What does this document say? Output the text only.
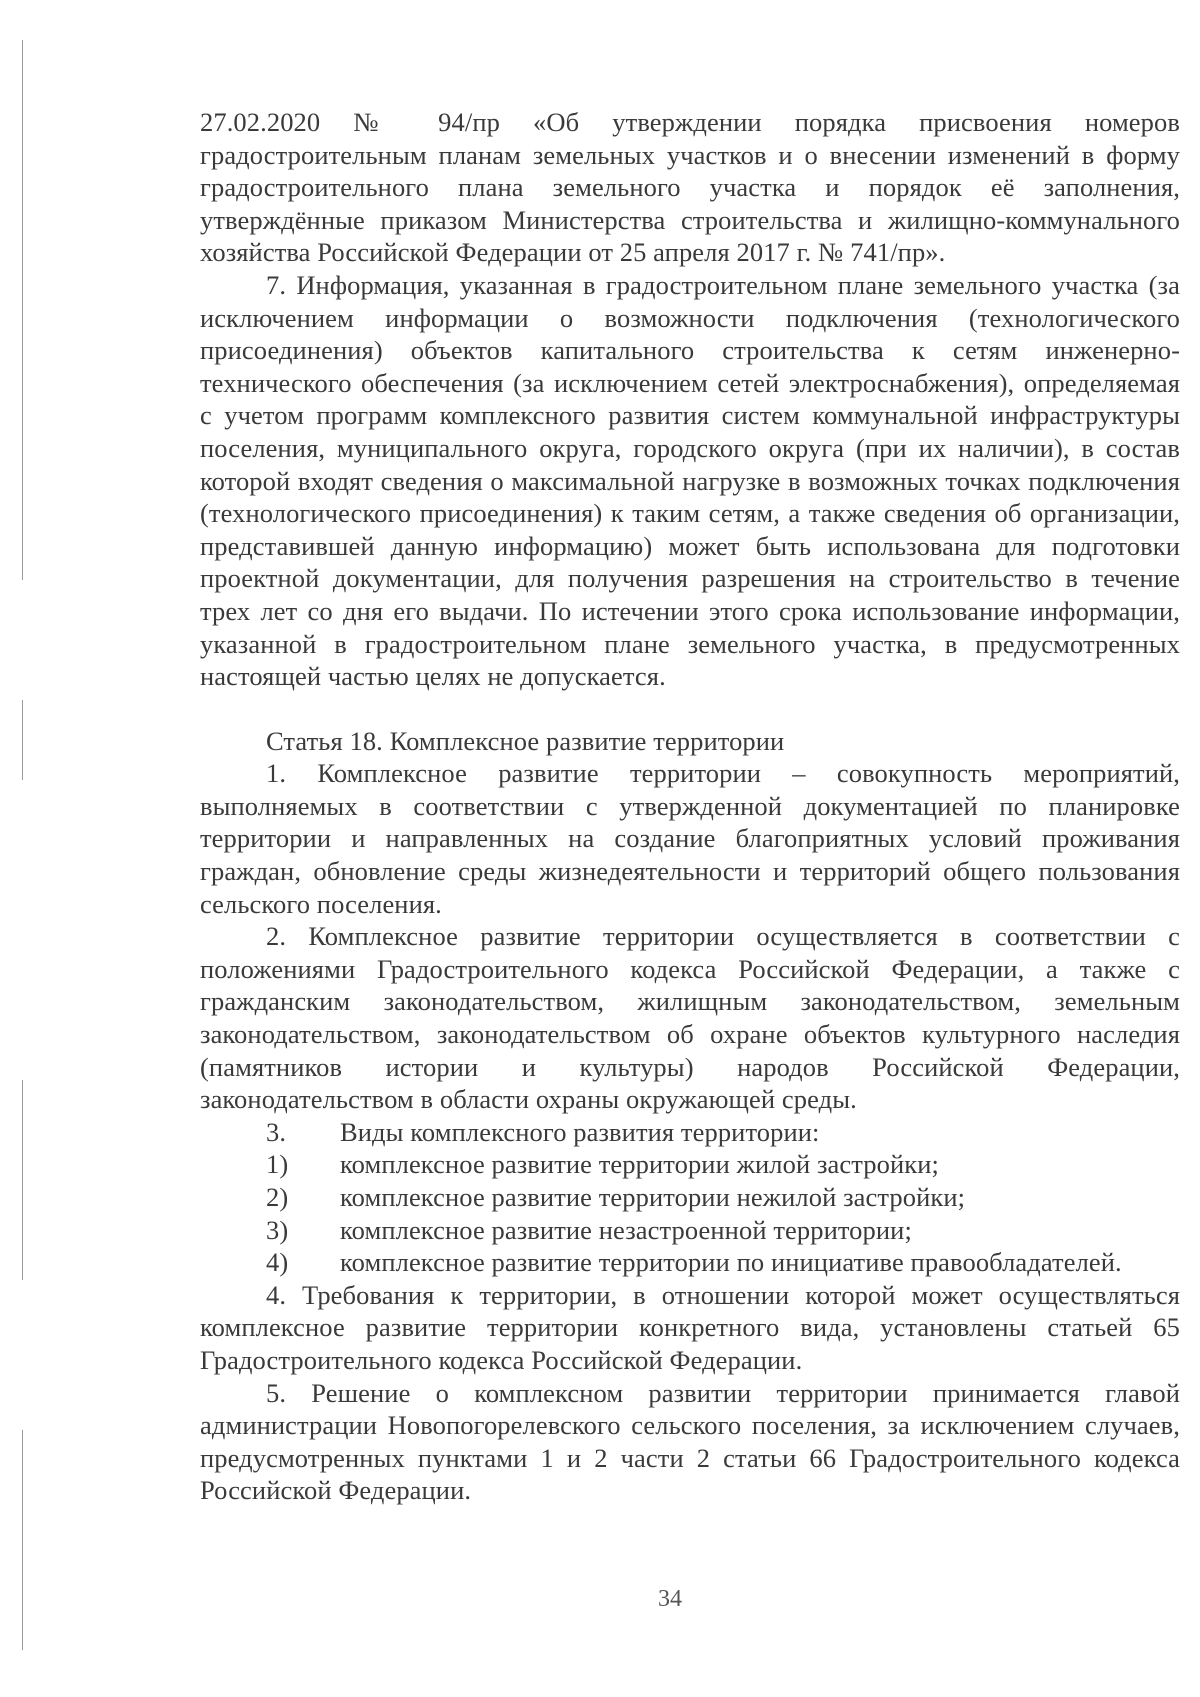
27.02.2020 № 94/пр «Об утверждении порядка присвоения номеров градостроительным планам земельных участков и о внесении изменений в форму градостроительного плана земельного участка и порядок её заполнения, утверждённые приказом Министерства строительства и жилищно-коммунального хозяйства Российской Федерации от 25 апреля 2017 г. № 741/пр».

7. Информация, указанная в градостроительном плане земельного участка (за исключением информации о возможности подключения (технологического присоединения) объектов капитального строительства к сетям инженерно-технического обеспечения (за исключением сетей электроснабжения), определяемая с учетом программ комплексного развития систем коммунальной инфраструктуры поселения, муниципального округа, городского округа (при их наличии), в состав которой входят сведения о максимальной нагрузке в возможных точках подключения (технологического присоединения) к таким сетям, а также сведения об организации, представившей данную информацию) может быть использована для подготовки проектной документации, для получения разрешения на строительство в течение трех лет со дня его выдачи. По истечении этого срока использование информации, указанной в градостроительном плане земельного участка, в предусмотренных настоящей частью целях не допускается.

Статья 18. Комплексное развитие территории

1. Комплексное развитие территории – совокупность мероприятий, выполняемых в соответствии с утвержденной документацией по планировке территории и направленных на создание благоприятных условий проживания граждан, обновление среды жизнедеятельности и территорий общего пользования сельского поселения.

2. Комплексное развитие территории осуществляется в соответствии с положениями Градостроительного кодекса Российской Федерации, а также с гражданским законодательством, жилищным законодательством, земельным законодательством, законодательством об охране объектов культурного наследия (памятников истории и культуры) народов Российской Федерации, законодательством в области охраны окружающей среды.

3.	Виды комплексного развития территории:
1)	комплексное развитие территории жилой застройки;
2)	комплексное развитие территории нежилой застройки;
3)	комплексное развитие незастроенной территории;
4)	комплексное развитие территории по инициативе правообладателей.

4. Требования к территории, в отношении которой может осуществляться комплексное развитие территории конкретного вида, установлены статьей 65 Градостроительного кодекса Российской Федерации.

5. Решение о комплексном развитии территории принимается главой администрации Новопогорелевского сельского поселения, за исключением случаев, предусмотренных пунктами 1 и 2 части 2 статьи 66 Градостроительного кодекса Российской Федерации.

34
